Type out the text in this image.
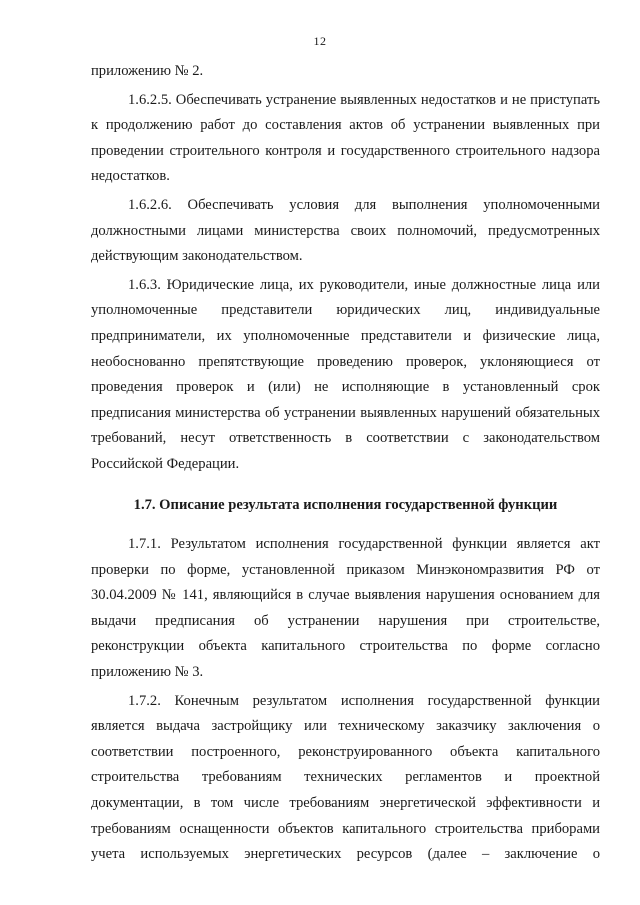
12

приложению № 2.

1.6.2.5. Обеспечивать устранение выявленных недостатков и не приступать к продолжению работ до составления актов об устранении выявленных при проведении строительного контроля и государственного строительного надзора недостатков.

1.6.2.6. Обеспечивать условия для выполнения уполномоченными должностными лицами министерства своих полномочий, предусмотренных действующим законодательством.

1.6.3. Юридические лица, их руководители, иные должностные лица или уполномоченные представители юридических лиц, индивидуальные предприниматели, их уполномоченные представители и физические лица, необоснованно препятствующие проведению проверок, уклоняющиеся от проведения проверок и (или) не исполняющие в установленный срок предписания министерства об устранении выявленных нарушений обязательных требований, несут ответственность в соответствии с законодательством Российской Федерации.

1.7. Описание результата исполнения государственной функции

1.7.1. Результатом исполнения государственной функции является акт проверки по форме, установленной приказом Минэкономразвития РФ от 30.04.2009 № 141, являющийся в случае выявления нарушения основанием для выдачи предписания об устранении нарушения при строительстве, реконструкции объекта капитального строительства по форме согласно приложению № 3.

1.7.2. Конечным результатом исполнения государственной функции является выдача застройщику или техническому заказчику заключения о соответствии построенного, реконструированного объекта капитального строительства требованиям технических регламентов и проектной документации, в том числе требованиям энергетической эффективности и требованиям оснащенности объектов капитального строительства приборами учета используемых энергетических ресурсов (далее – заключение о
